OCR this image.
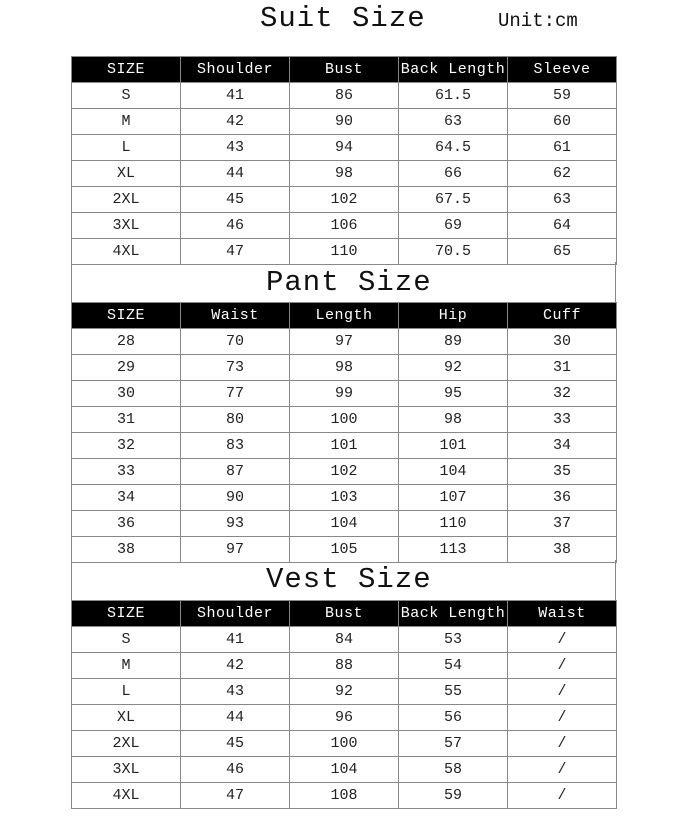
Suit Size	Unit:cm
Pant Size
Vest Size
SIZE	Shoulder	Bust	Back Length	Sleeve
S	41	86	61.5	59
M	42	90	63	60
L	43	94	64.5	61
XL	44	98	66	62
2XL	45	102	67.5	63
3XL	46	106	69	64
4XL	47	110	70.5	65
SIZE	Waist	Length	Hip	Cuff
28	70	97	89	30
29	73	98	92	31
30	77	99	95	32
31	80	100	98	33
32	83	101	101	34
33	87	102	104	35
34	90	103	107	36
36	93	104	110	37
38	97	105	113	38
SIZE	Shoulder	Bust	Back Length	Waist
S	41	84	53	/
M	42	88	54	/
L	43	92	55	/
XL	44	96	56	/
2XL	45	100	57	/
3XL	46	104	58	/
4XL	47	108	59	/
